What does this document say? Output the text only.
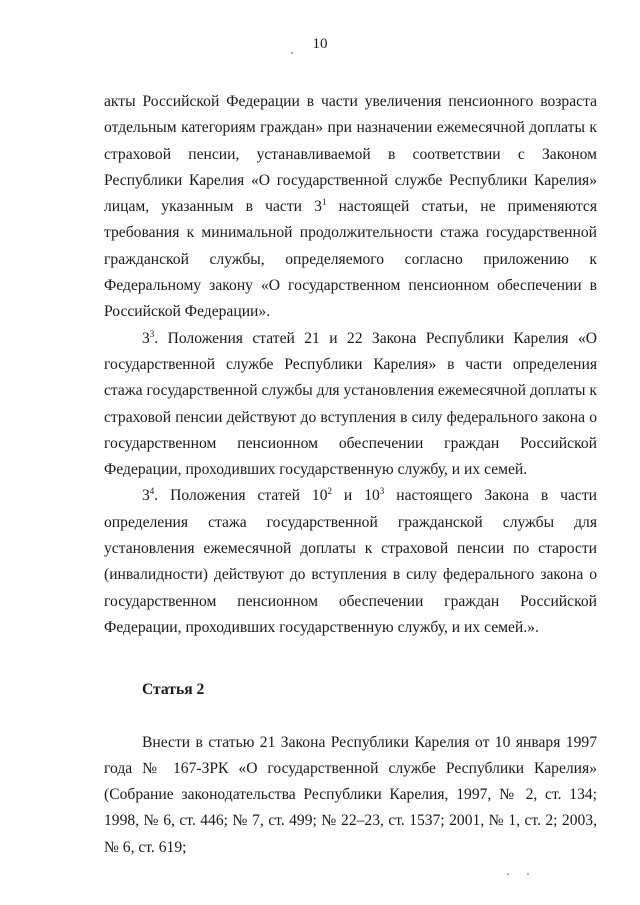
10

акты Российской Федерации в части увеличения пенсионного возраста отдельным категориям граждан» при назначении ежемесячной доплаты к страховой пенсии, устанавливаемой в соответствии с Законом Республики Карелия «О государственной службе Республики Карелия» лицам, указанным в части $3^1$ настоящей статьи, не применяются требования к минимальной продолжительности стажа государственной гражданской службы, определяемого согласно приложению к Федеральному закону «О государственном пенсионном обеспечении в Российской Федерации».

$3^3$. Положения статей 21 и 22 Закона Республики Карелия «О государственной службе Республики Карелия» в части определения стажа государственной службы для установления ежемесячной доплаты к страховой пенсии действуют до вступления в силу федерального закона о государственном пенсионном обеспечении граждан Российской Федерации, проходивших государственную службу, и их семей.

$3^4$. Положения статей $10^2$ и $10^3$ настоящего Закона в части определения стажа государственной гражданской службы для установления ежемесячной доплаты к страховой пенсии по старости (инвалидности) действуют до вступления в силу федерального закона о государственном пенсионном обеспечении граждан Российской Федерации, проходивших государственную службу, и их семей.».

Статья 2

Внести в статью 21 Закона Республики Карелия от 10 января 1997 года № 167-ЗРК «О государственной службе Республики Карелия» (Собрание законодательства Республики Карелия, 1997, № 2, ст. 134; 1998, № 6, ст. 446; № 7, ст. 499; № 22–23, ст. 1537; 2001, № 1, ст. 2; 2003, № 6, ст. 619;
